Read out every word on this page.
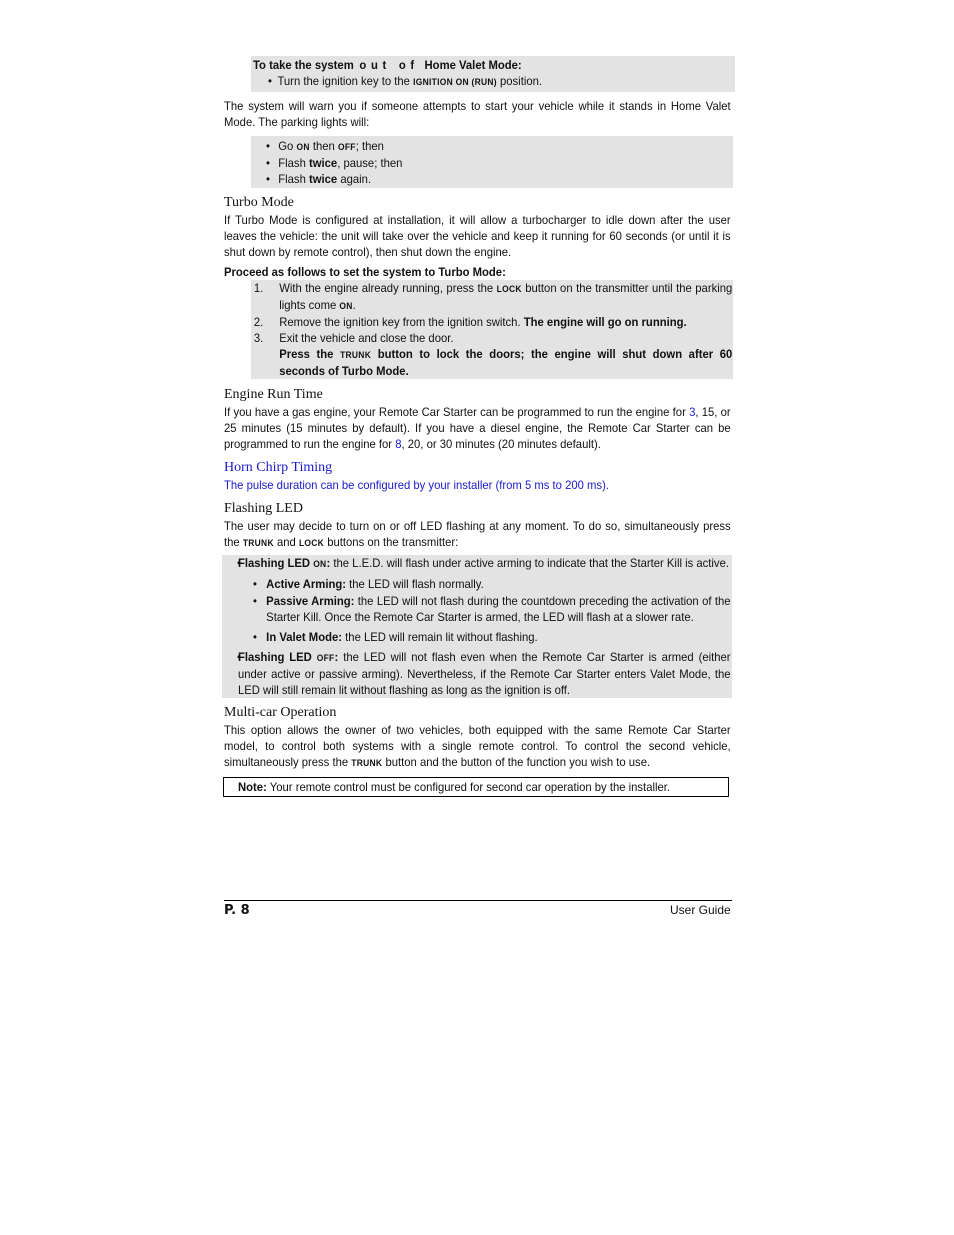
To take the system out of Home Valet Mode:
• Turn the ignition key to the IGNITION ON (RUN) position.
The system will warn you if someone attempts to start your vehicle while it stands in Home Valet Mode. The parking lights will:
• Go ON then OFF; then
• Flash twice, pause; then
• Flash twice again.
Turbo Mode
If Turbo Mode is configured at installation, it will allow a turbocharger to idle down after the user leaves the vehicle: the unit will take over the vehicle and keep it running for 60 seconds (or until it is shut down by remote control), then shut down the engine.
Proceed as follows to set the system to Turbo Mode:
1. With the engine already running, press the LOCK button on the transmitter until the parking lights come ON.
2. Remove the ignition key from the ignition switch. The engine will go on running.
3. Exit the vehicle and close the door.
Press the TRUNK button to lock the doors; the engine will shut down after 60 seconds of Turbo Mode.
Engine Run Time
If you have a gas engine, your Remote Car Starter can be programmed to run the engine for 3, 15, or 25 minutes (15 minutes by default). If you have a diesel engine, the Remote Car Starter can be programmed to run the engine for 8, 20, or 30 minutes (20 minutes default).
Horn Chirp Timing
The pulse duration can be configured by your installer (from 5 ms to 200 ms).
Flashing LED
The user may decide to turn on or off LED flashing at any moment. To do so, simultaneously press the TRUNK and LOCK buttons on the transmitter:
• Flashing LED ON: the L.E.D. will flash under active arming to indicate that the Starter Kill is active.
• Active Arming: the LED will flash normally.
• Passive Arming: the LED will not flash during the countdown preceding the activation of the Starter Kill. Once the Remote Car Starter is armed, the LED will flash at a slower rate.
• In Valet Mode: the LED will remain lit without flashing.
• Flashing LED OFF: the LED will not flash even when the Remote Car Starter is armed (either under active or passive arming). Nevertheless, if the Remote Car Starter enters Valet Mode, the LED will still remain lit without flashing as long as the ignition is off.
Multi-car Operation
This option allows the owner of two vehicles, both equipped with the same Remote Car Starter model, to control both systems with a single remote control. To control the second vehicle, simultaneously press the TRUNK button and the button of the function you wish to use.
Note: Your remote control must be configured for second car operation by the installer.
P. 8	User Guide
